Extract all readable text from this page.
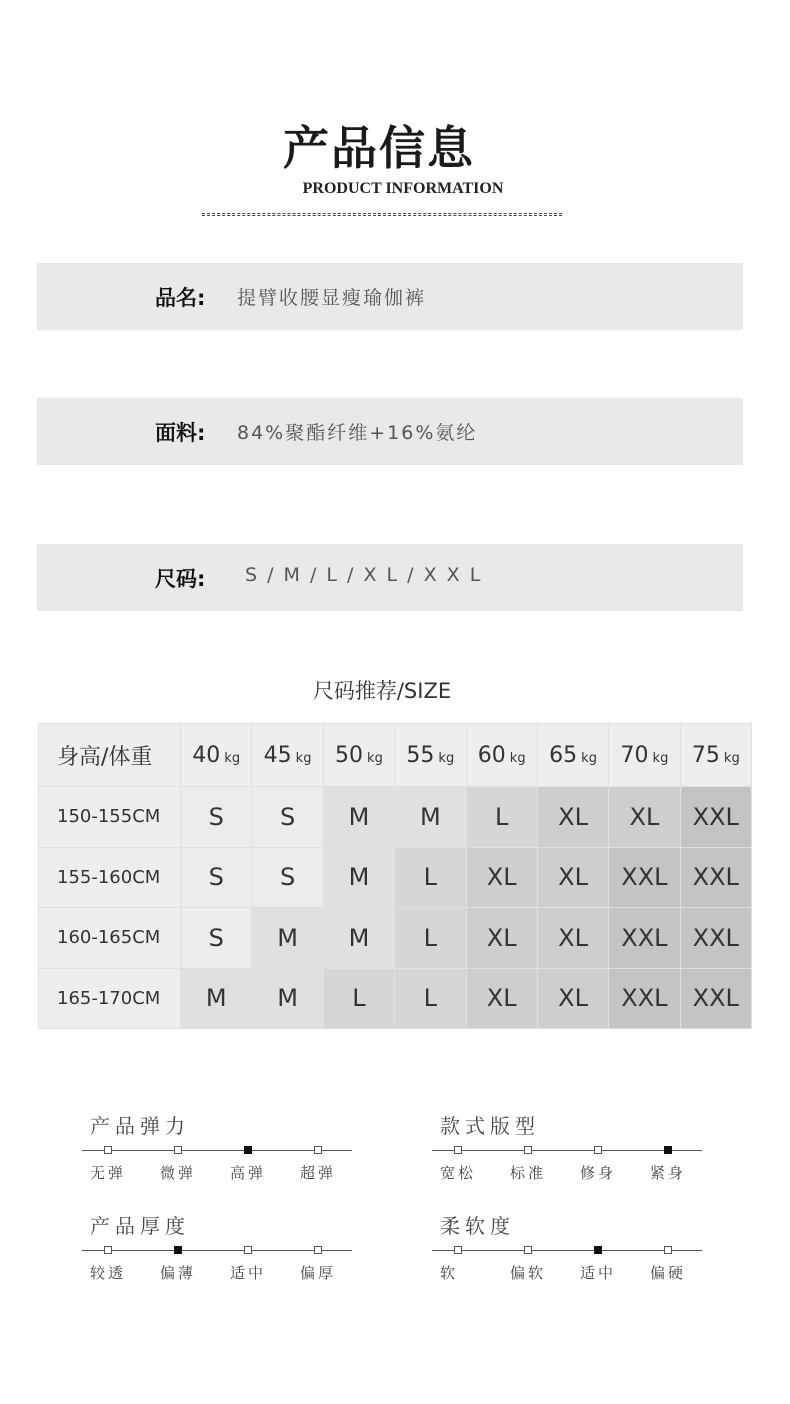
产品信息
PRODUCT INFORMATION
品名: 提臂收腰显瘦瑜伽裤
面料: 84%聚酯纤维+16%氨纶
尺码: S / M / L / X L / X X L
尺码推荐/SIZE
身高/体重	40 kg	45 kg	50 kg	55 kg	60 kg	65 kg	70 kg	75 kg
150-155CM	S	S	M	M	L	XL	XL	XXL
155-160CM	S	S	M	L	XL	XL	XXL	XXL
160-165CM	S	M	M	L	XL	XL	XXL	XXL
165-170CM	M	M	L	L	XL	XL	XXL	XXL
产品弹力
无弹 微弹 高弹 超弹
款式版型
宽松 标准 修身 紧身
产品厚度
较透 偏薄 适中 偏厚
柔软度
软	偏软 适中 偏硬
